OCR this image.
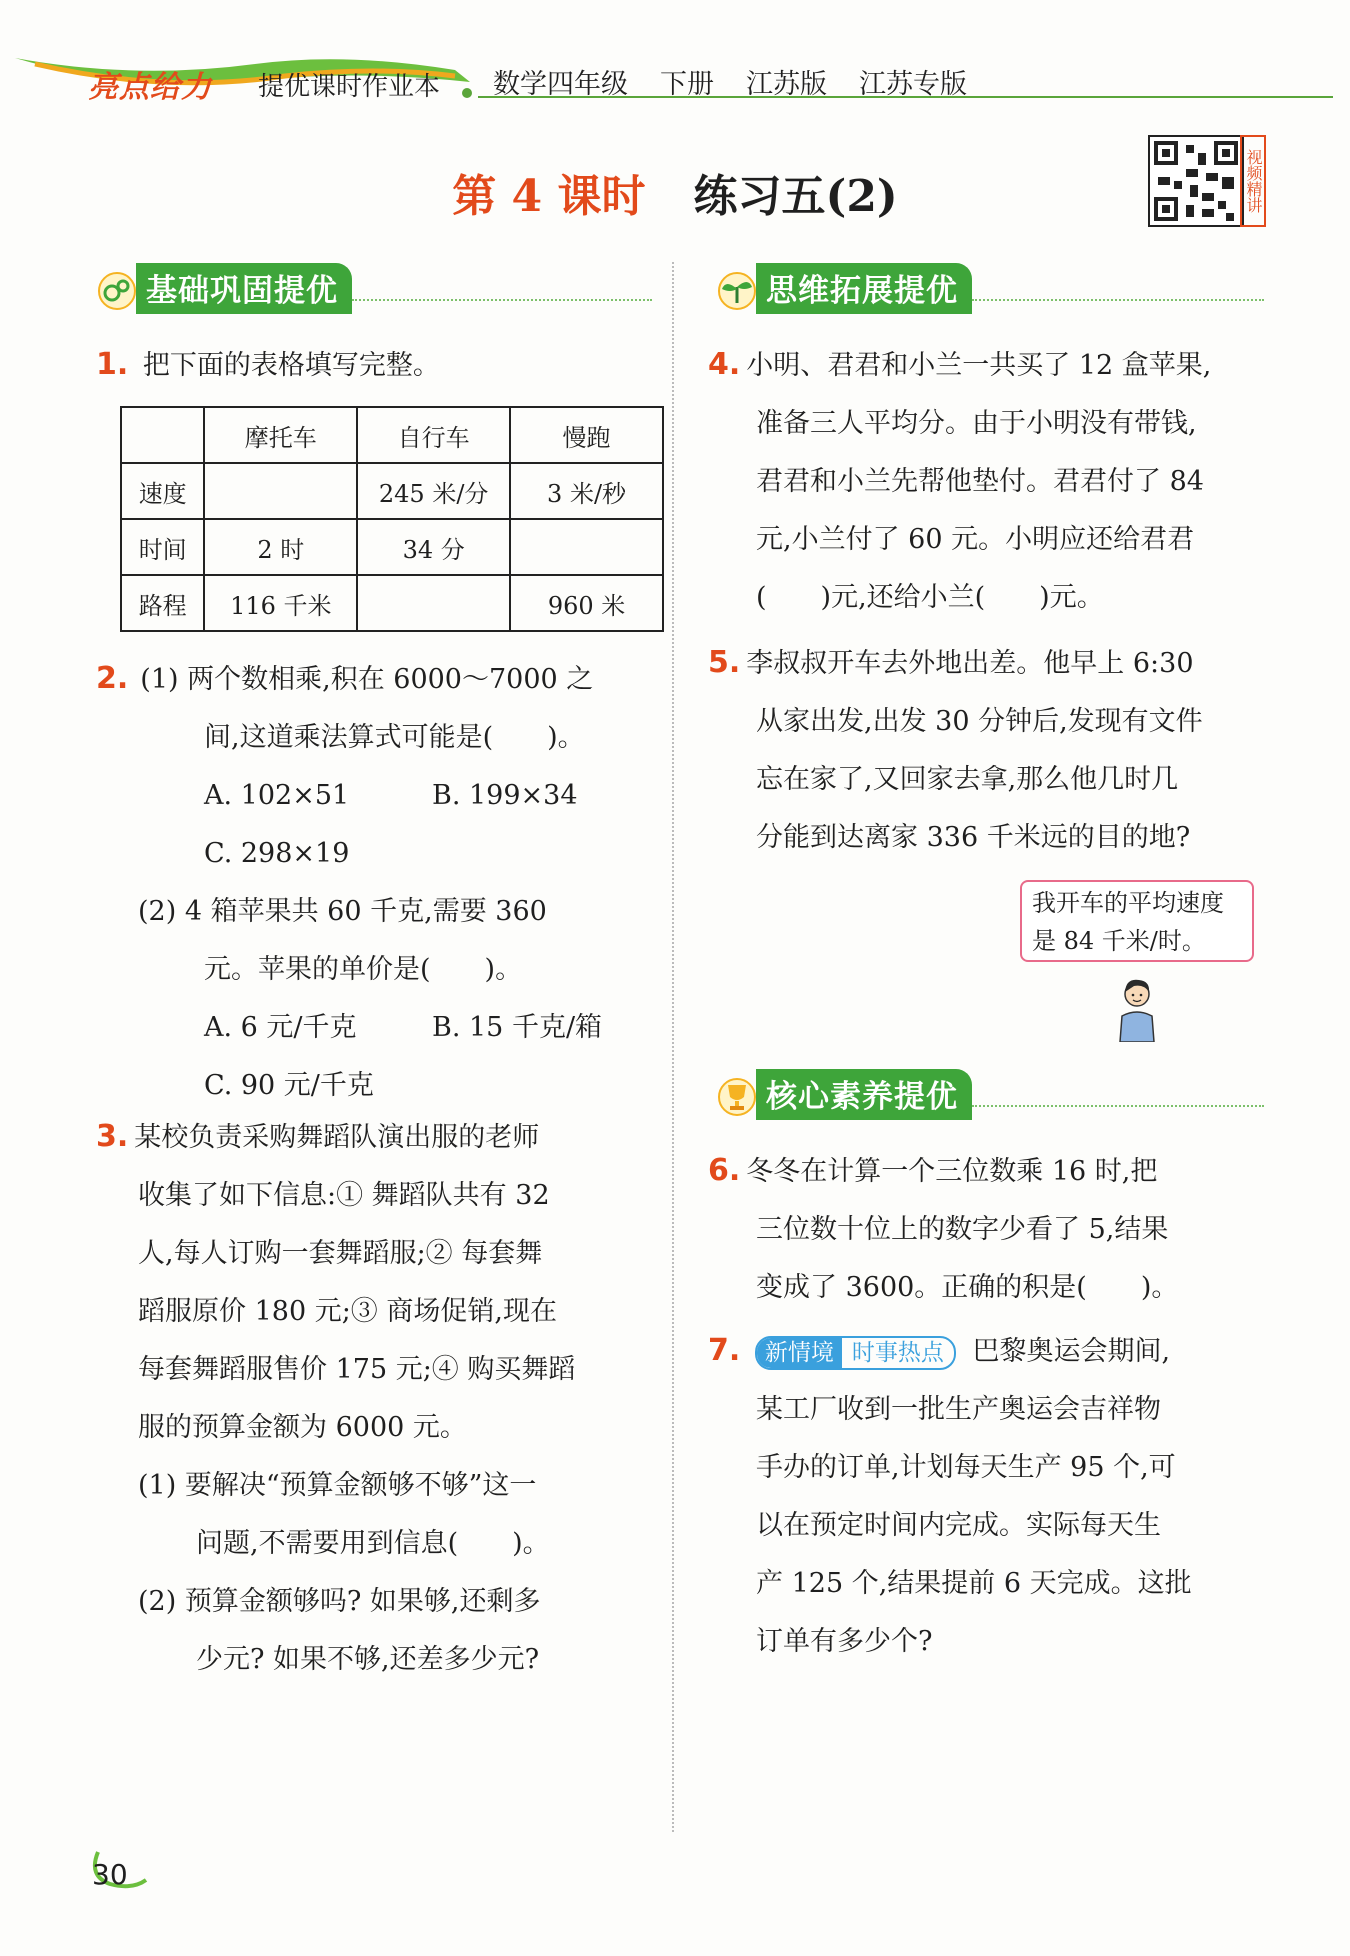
亮点给力 提优课时作业本 数学四年级 下册 江苏版 江苏专版
第 4 课时 练习五(2)	视频精讲
基础巩固提优
1. 把下面的表格填写完整。
	摩托车	自行车	慢跑
速度		245 米/分	3 米/秒
时间	2 时	34 分	
路程	116 千米		960 米
2. (1) 两个数相乘,积在 6000～7000 之
间,这道乘法算式可能是(　　)。
A. 102×51	B. 199×34
C. 298×19
(2) 4 箱苹果共 60 千克,需要 360
元。苹果的单价是(　　)。
A. 6 元/千克	B. 15 千克/箱
C. 90 元/千克
3. 某校负责采购舞蹈队演出服的老师
收集了如下信息:① 舞蹈队共有 32
人,每人订购一套舞蹈服;② 每套舞
蹈服原价 180 元;③ 商场促销,现在
每套舞蹈服售价 175 元;④ 购买舞蹈
服的预算金额为 6000 元。
(1) 要解决“预算金额够不够”这一
问题,不需要用到信息(　　)。
(2) 预算金额够吗? 如果够,还剩多
少元? 如果不够,还差多少元?
思维拓展提优
4. 小明、君君和小兰一共买了 12 盒苹果,
准备三人平均分。由于小明没有带钱,
君君和小兰先帮他垫付。君君付了 84
元,小兰付了 60 元。小明应还给君君
(　　)元,还给小兰(　　)元。
5. 李叔叔开车去外地出差。他早上 6:30
从家出发,出发 30 分钟后,发现有文件
忘在家了,又回家去拿,那么他几时几
分能到达离家 336 千米远的目的地?
我开车的平均速度
是 84 千米/时。
核心素养提优
6. 冬冬在计算一个三位数乘 16 时,把
三位数十位上的数字少看了 5,结果
变成了 3600。正确的积是(　　)。
7. 新情境 时事热点 巴黎奥运会期间,
某工厂收到一批生产奥运会吉祥物
手办的订单,计划每天生产 95 个,可
以在预定时间内完成。实际每天生
产 125 个,结果提前 6 天完成。这批
订单有多少个?
30
